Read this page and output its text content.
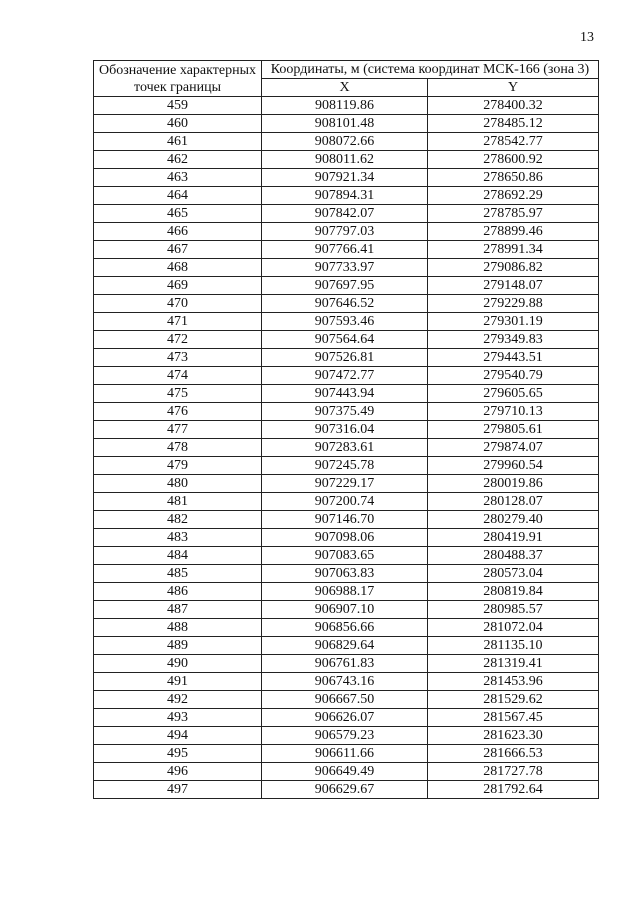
13
Обозначение характерных точек границы	Координаты, м (система координат МСК-166 (зона 3)	
	X	Y
459	908119.86	278400.32
460	908101.48	278485.12
461	908072.66	278542.77
462	908011.62	278600.92
463	907921.34	278650.86
464	907894.31	278692.29
465	907842.07	278785.97
466	907797.03	278899.46
467	907766.41	278991.34
468	907733.97	279086.82
469	907697.95	279148.07
470	907646.52	279229.88
471	907593.46	279301.19
472	907564.64	279349.83
473	907526.81	279443.51
474	907472.77	279540.79
475	907443.94	279605.65
476	907375.49	279710.13
477	907316.04	279805.61
478	907283.61	279874.07
479	907245.78	279960.54
480	907229.17	280019.86
481	907200.74	280128.07
482	907146.70	280279.40
483	907098.06	280419.91
484	907083.65	280488.37
485	907063.83	280573.04
486	906988.17	280819.84
487	906907.10	280985.57
488	906856.66	281072.04
489	906829.64	281135.10
490	906761.83	281319.41
491	906743.16	281453.96
492	906667.50	281529.62
493	906626.07	281567.45
494	906579.23	281623.30
495	906611.66	281666.53
496	906649.49	281727.78
497	906629.67	281792.64
